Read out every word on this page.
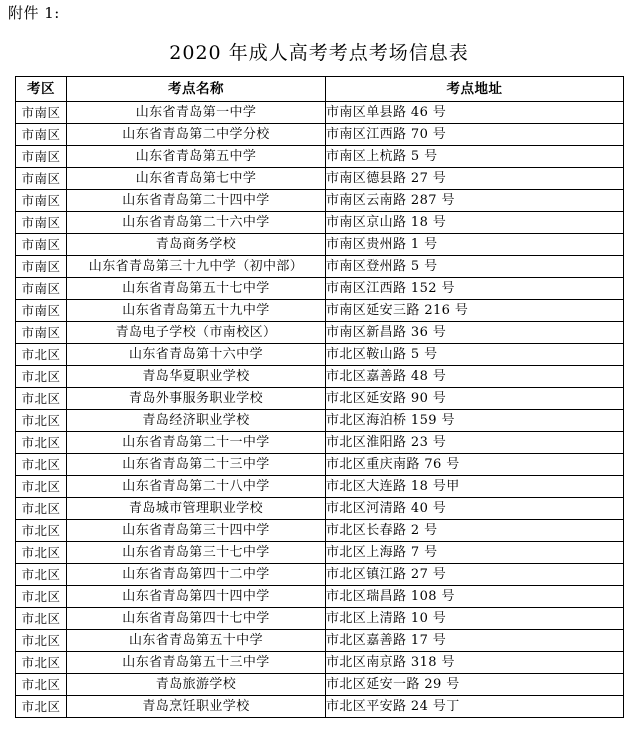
附件 1:
2020 年成人高考考点考场信息表
考区	考点名称	考点地址
市南区	山东省青岛第一中学	市南区单县路 46 号
市南区	山东省青岛第二中学分校	市南区江西路 70 号
市南区	山东省青岛第五中学	市南区上杭路 5 号
市南区	山东省青岛第七中学	市南区德县路 27 号
市南区	山东省青岛第二十四中学	市南区云南路 287 号
市南区	山东省青岛第二十六中学	市南区京山路 18 号
市南区	青岛商务学校	市南区贵州路 1 号
市南区	山东省青岛第三十九中学（初中部）	市南区登州路 5 号
市南区	山东省青岛第五十七中学	市南区江西路 152 号
市南区	山东省青岛第五十九中学	市南区延安三路 216 号
市南区	青岛电子学校（市南校区）	市南区新昌路 36 号
市北区	山东省青岛第十六中学	市北区鞍山路 5 号
市北区	青岛华夏职业学校	市北区嘉善路 48 号
市北区	青岛外事服务职业学校	市北区延安路 90 号
市北区	青岛经济职业学校	市北区海泊桥 159 号
市北区	山东省青岛第二十一中学	市北区淮阳路 23 号
市北区	山东省青岛第二十三中学	市北区重庆南路 76 号
市北区	山东省青岛第二十八中学	市北区大连路 18 号甲
市北区	青岛城市管理职业学校	市北区河清路 40 号
市北区	山东省青岛第三十四中学	市北区长春路 2 号
市北区	山东省青岛第三十七中学	市北区上海路 7 号
市北区	山东省青岛第四十二中学	市北区镇江路 27 号
市北区	山东省青岛第四十四中学	市北区瑞昌路 108 号
市北区	山东省青岛第四十七中学	市北区上清路 10 号
市北区	山东省青岛第五十中学	市北区嘉善路 17 号
市北区	山东省青岛第五十三中学	市北区南京路 318 号
市北区	青岛旅游学校	市北区延安一路 29 号
市北区	青岛烹饪职业学校	市北区平安路 24 号丁
